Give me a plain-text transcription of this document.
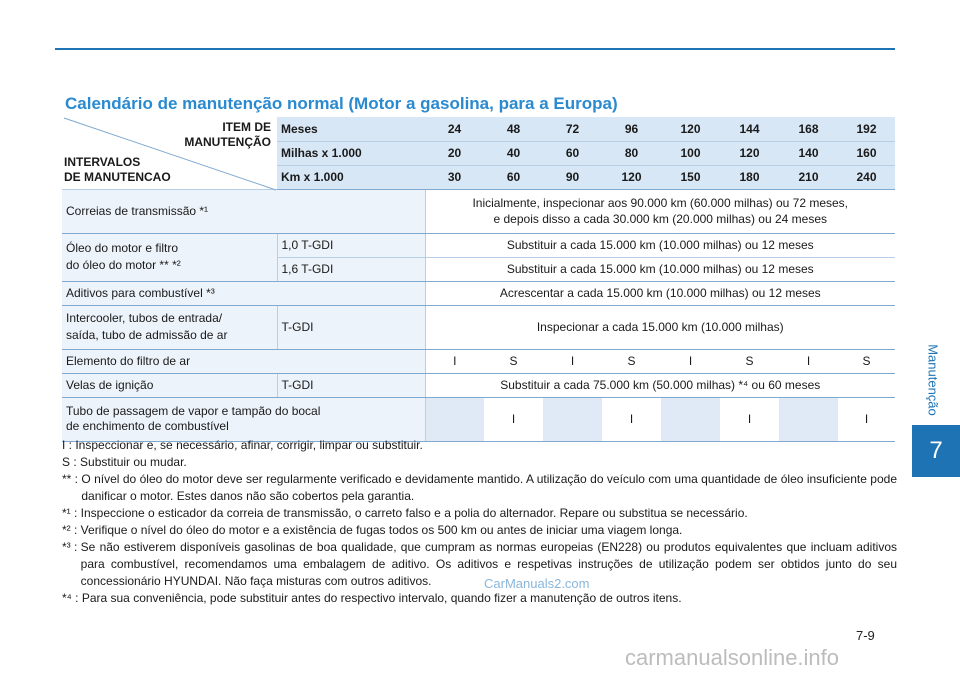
Manutenção
7
Calendário de manutenção normal (Motor a gasolina, para a Europa)
ITEM DE
MANUTENÇÃO
INTERVALOS
DE MANUTENCAO	Meses	24	48	72	96	120	144	168	192
	Milhas x 1.000	20	40	60	80	100	120	140	160
	Km x 1.000	30	60	90	120	150	180	210	240
Correias de transmissão *¹		Inicialmente, inspecionar aos 90.000 km (60.000 milhas) ou 72 meses,
e depois disso a cada 30.000 km (20.000 milhas) ou 24 meses							

Óleo do motor e filtro
do óleo do motor ** *²	1,0 T-GDI	Substituir a cada 15.000 km (10.000 milhas) ou 12 meses							
	1,6 T-GDI	Substituir a cada 15.000 km (10.000 milhas) ou 12 meses							
Aditivos para combustível *³		Acrescentar a cada 15.000 km (10.000 milhas) ou 12 meses							

Intercooler, tubos de entrada/
saída, tubo de admissão de ar	T-GDI	Inspecionar a cada 15.000 km (10.000 milhas)							
Elemento do filtro de ar		I	S	I	S	I	S	I	S
Velas de ignição	T-GDI	Substituir a cada 75.000 km (50.000 milhas) *⁴ ou 60 meses							

Tubo de passagem de vapor e tampão do bocal
de enchimento de combustível			I		I		I		I
I : Inspeccionar e, se necessário, afinar, corrigir, limpar ou substituir.
S : Substituir ou mudar.
** : O nível do óleo do motor deve ser regularmente verificado e devidamente mantido. A utilização do veículo com uma quantidade de óleo insuficiente pode danificar o motor. Estes danos não são cobertos pela garantia.
*¹ : Inspeccione o esticador da correia de transmissão, o carreto falso e a polia do alternador. Repare ou substitua se necessário.
*² : Verifique o nível do óleo do motor e a existência de fugas todos os 500 km ou antes de iniciar uma viagem longa.
*³ : Se não estiverem disponíveis gasolinas de boa qualidade, que cumpram as normas europeias (EN228) ou produtos equivalentes que incluam aditivos para combustível, recomendamos uma embalagem de aditivo. Os aditivos e respetivas instruções de utilização podem ser obtidos junto do seu concessionário HYUNDAI. Não faça misturas com outros aditivos.
*⁴ : Para sua conveniência, pode substituir antes do respectivo intervalo, quando fizer a manutenção de outros itens.
CarManuals2.com
7-9
carmanualsonline.info
